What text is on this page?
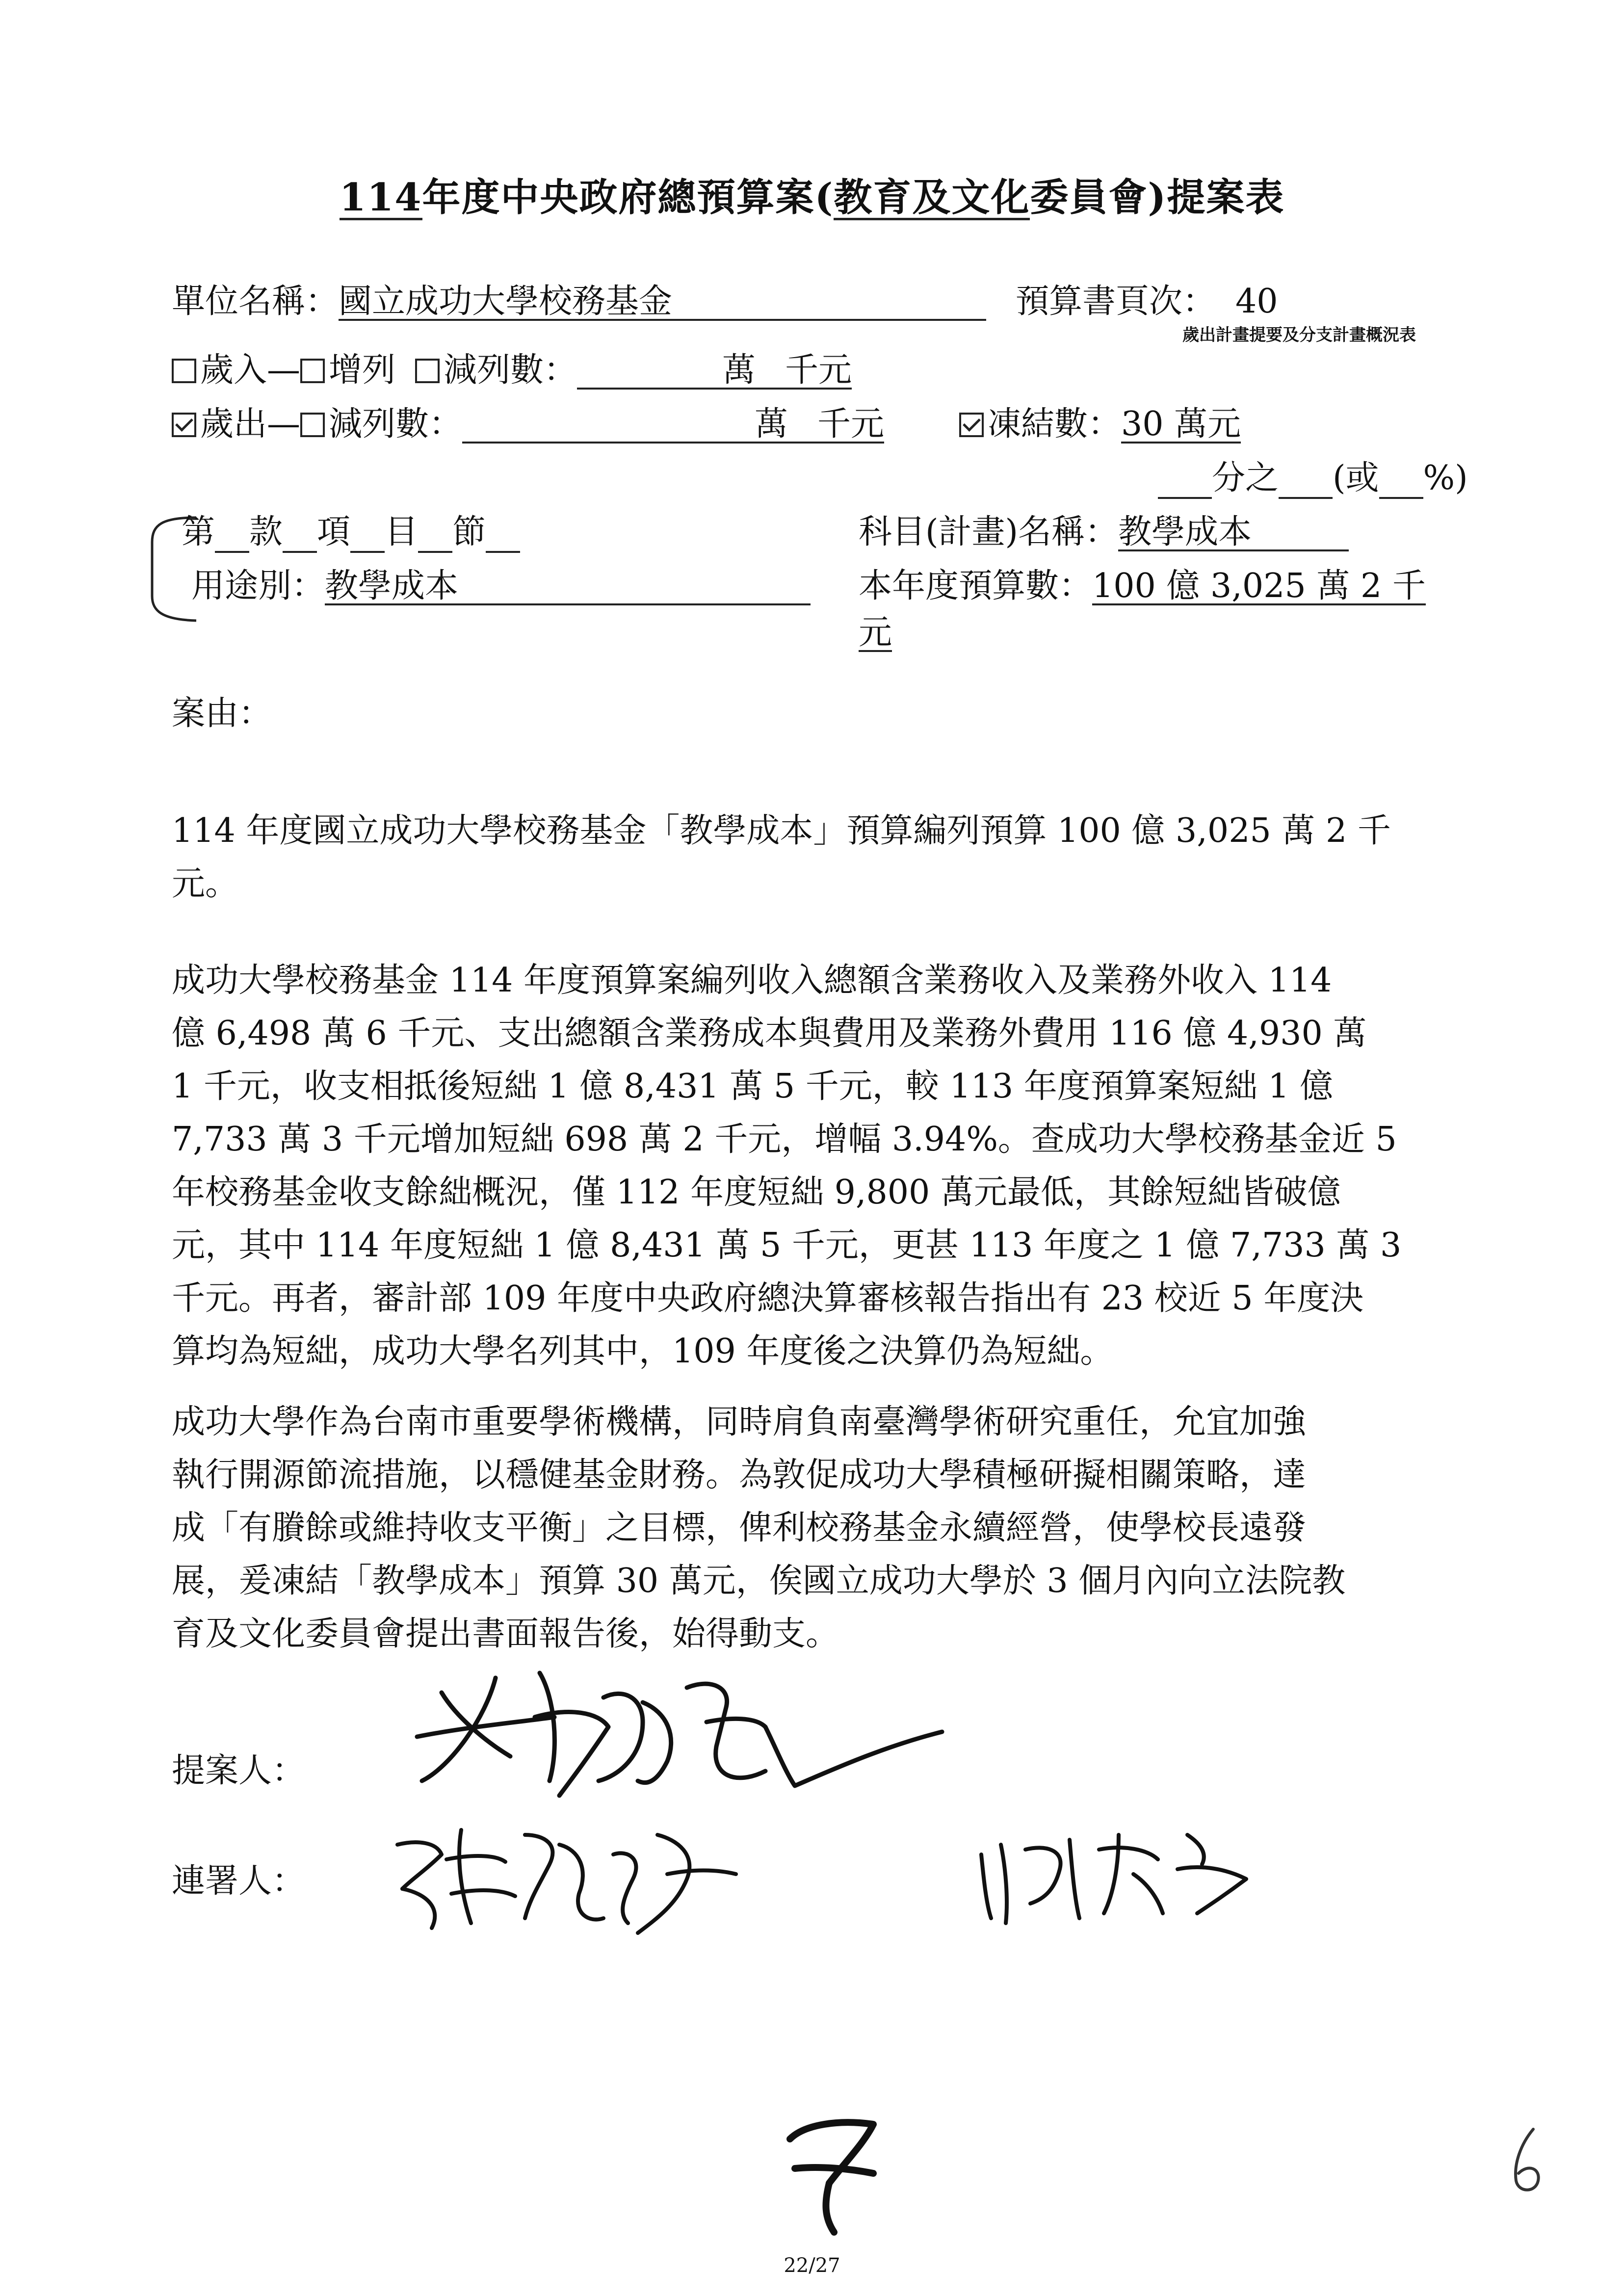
114年度中央政府總預算案(教育及文化委員會)提案表
單位名稱：國立成功大學校務基金	預算書頁次： 40
歲出計畫提要及分支計畫概況表
歲入— 增列 減列數：	萬 千元
歲出— 減列數：	萬 千元	凍結數：30 萬元
分之 (或 %)
第 款 項 目 節	科目(計畫)名稱：教學成本
用途別：教學成本	本年度預算數：100 億 3,025 萬 2 千
元
案由：
114 年度國立成功大學校務基金「教學成本」預算編列預算 100 億 3,025 萬 2 千
元。
成功大學校務基金 114 年度預算案編列收入總額含業務收入及業務外收入 114
億 6,498 萬 6 千元、支出總額含業務成本與費用及業務外費用 116 億 4,930 萬
1 千元，收支相抵後短絀 1 億 8,431 萬 5 千元，較 113 年度預算案短絀 1 億
7,733 萬 3 千元增加短絀 698 萬 2 千元，增幅 3.94%。查成功大學校務基金近 5
年校務基金收支餘絀概況，僅 112 年度短絀 9,800 萬元最低，其餘短絀皆破億
元，其中 114 年度短絀 1 億 8,431 萬 5 千元，更甚 113 年度之 1 億 7,733 萬 3
千元。再者，審計部 109 年度中央政府總決算審核報告指出有 23 校近 5 年度決
算均為短絀，成功大學名列其中，109 年度後之決算仍為短絀。
成功大學作為台南市重要學術機構，同時肩負南臺灣學術研究重任，允宜加強
執行開源節流措施，以穩健基金財務。為敦促成功大學積極研擬相關策略，達
成「有賸餘或維持收支平衡」之目標，俾利校務基金永續經營，使學校長遠發
展，爰凍結「教學成本」預算 30 萬元，俟國立成功大學於 3 個月內向立法院教
育及文化委員會提出書面報告後，始得動支。
提案人：
連署人：
22/27
